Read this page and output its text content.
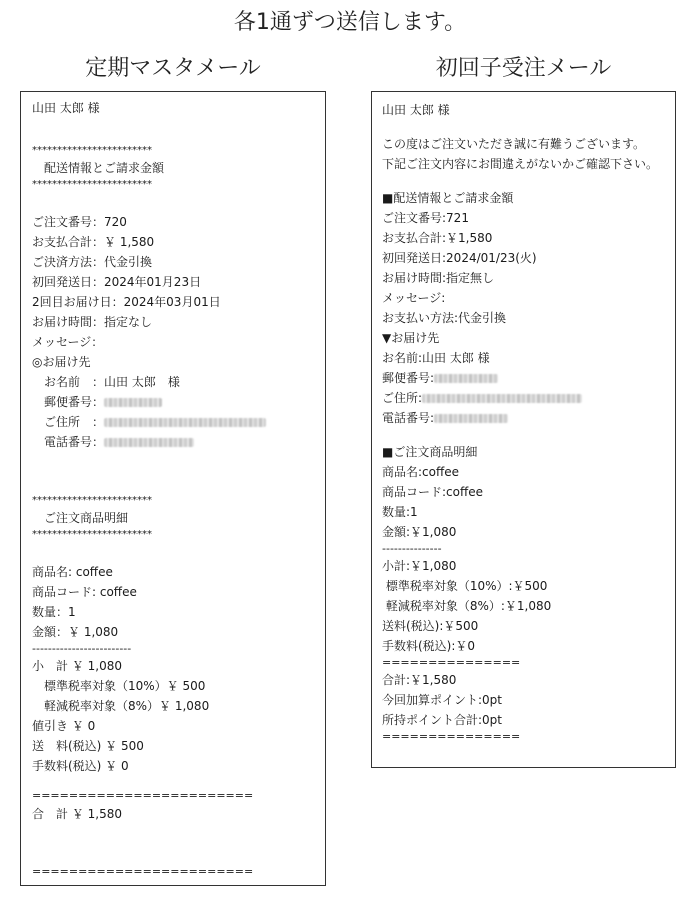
各1通ずつ送信します。
定期マスタメール	初回子受注メール
山田 太郎 様
************************
　配送情報とご請求金額
************************
ご注文番号：720
お支払合計：￥ 1,580
ご決済方法：代金引換
初回発送日：2024年01月23日
2回目お届け日：2024年03月01日
お届け時間：指定なし
メッセージ：
◎お届け先
　お名前　：山田 太郎　様
　郵便番号：
　ご住所　：
　電話番号：
************************
　ご注文商品明細
************************
商品名: coffee
商品コード: coffee
数量：1
金額：￥ 1,080
-------------------------
小　計 ￥ 1,080
　標準税率対象（10%）￥ 500
　軽減税率対象（8%）￥ 1,080
値引き ￥ 0
送　料(税込) ￥ 500
手数料(税込) ￥ 0
========================
合　計 ￥ 1,580
========================
山田 太郎 様
この度はご注文いただき誠に有難うございます。
下記ご注文内容にお間違えがないかご確認下さい。
■配送情報とご請求金額
ご注文番号:721
お支払合計:￥1,580
初回発送日:2024/01/23(火)
お届け時間:指定無し
メッセージ:
お支払い方法:代金引換
▼お届け先
お名前:山田 太郎 様
郵便番号:
ご住所:
電話番号:
■ご注文商品明細
商品名:coffee
商品コード:coffee
数量:1
金額:￥1,080
---------------
小計:￥1,080
標準税率対象（10%）:￥500
軽減税率対象（8%）:￥1,080
送料(税込):￥500
手数料(税込):￥0
===============
合計:￥1,580
今回加算ポイント:0pt
所持ポイント合計:0pt
===============
